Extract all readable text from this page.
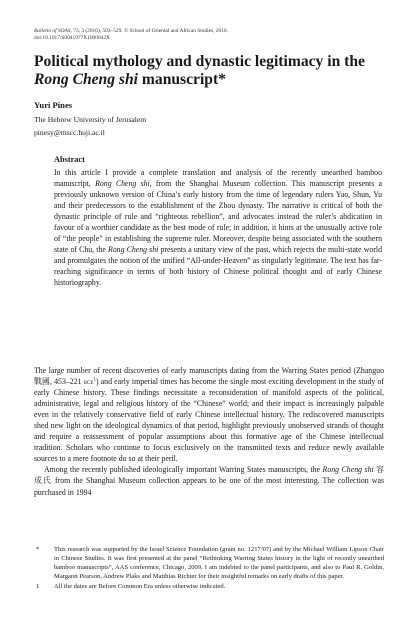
Bulletin of SOAS, 73, 3 (2010), 503–529. © School of Oriental and African Studies, 2010.
doi:10.1017/S0041977X1000042X
Political mythology and dynastic legitimacy in the
Rong Cheng shi manuscript*
Yuri Pines
The Hebrew University of Jerusalem
pinesy@mscc.huji.ac.il
Abstract

In this article I provide a complete translation and analysis of the recently unearthed bamboo manuscript, Rong Cheng shi, from the Shanghai Museum collection. This manuscript presents a previously unknown version of China’s early history from the time of legendary rulers Yao, Shun, Yu and their predecessors to the establishment of the Zhou dynasty. The narrative is critical of both the dynastic principle of rule and “righteous rebellion”, and advocates instead the ruler’s abdication in favour of a worthier candidate as the best mode of rule; in addition, it hints at the unusually active role of “the people” in establishing the supreme ruler. Moreover, despite being associated with the southern state of Chu, the Rong Cheng shi presents a unitary view of the past, which rejects the multi-state world and promulgates the notion of the unified “All-under-Heaven” as singularly legitimate. The text has far-reaching significance in terms of both history of Chinese political thought and of early Chinese historiography.

The large number of recent discoveries of early manuscripts dating from the Warring States period (Zhanguo 戰國, 453–221 bce$^1$) and early imperial times has become the single most exciting development in the study of early Chinese history. These findings necessitate a reconsideration of manifold aspects of the political, administrative, legal and religious history of the “Chinese” world; and their impact is increasingly palpable even in the relatively conservative field of early Chinese intellectual history. The rediscovered manuscripts shed new light on the ideological dynamics of that period, highlight previously unobserved strands of thought and require a reassessment of popular assumptions about this formative age of the Chinese intellectual tradition. Scholars who continue to focus exclusively on the transmitted texts and reduce newly available sources to a mere footnote do so at their peril.

Among the recently published ideologically important Warring States manuscripts, the Rong Cheng shi 容成氏 from the Shanghai Museum collection appears to be one of the most interesting. The collection was purchased in 1994

* This research was supported by the Israel Science Foundation (grant no. 1217/07) and by the Michael William Lipson Chair in Chinese Studies. It was first presented at the panel “Rethinking Warring States history in the light of recently unearthed bamboo manuscripts”, AAS conference, Chicago, 2009. I am indebted to the panel participants, and also to Paul R. Goldin, Margaret Pearson, Andrew Plaks and Matthias Richter for their insightful remarks on early drafts of this paper.

1 All the dates are Before Common Era unless otherwise indicated.
